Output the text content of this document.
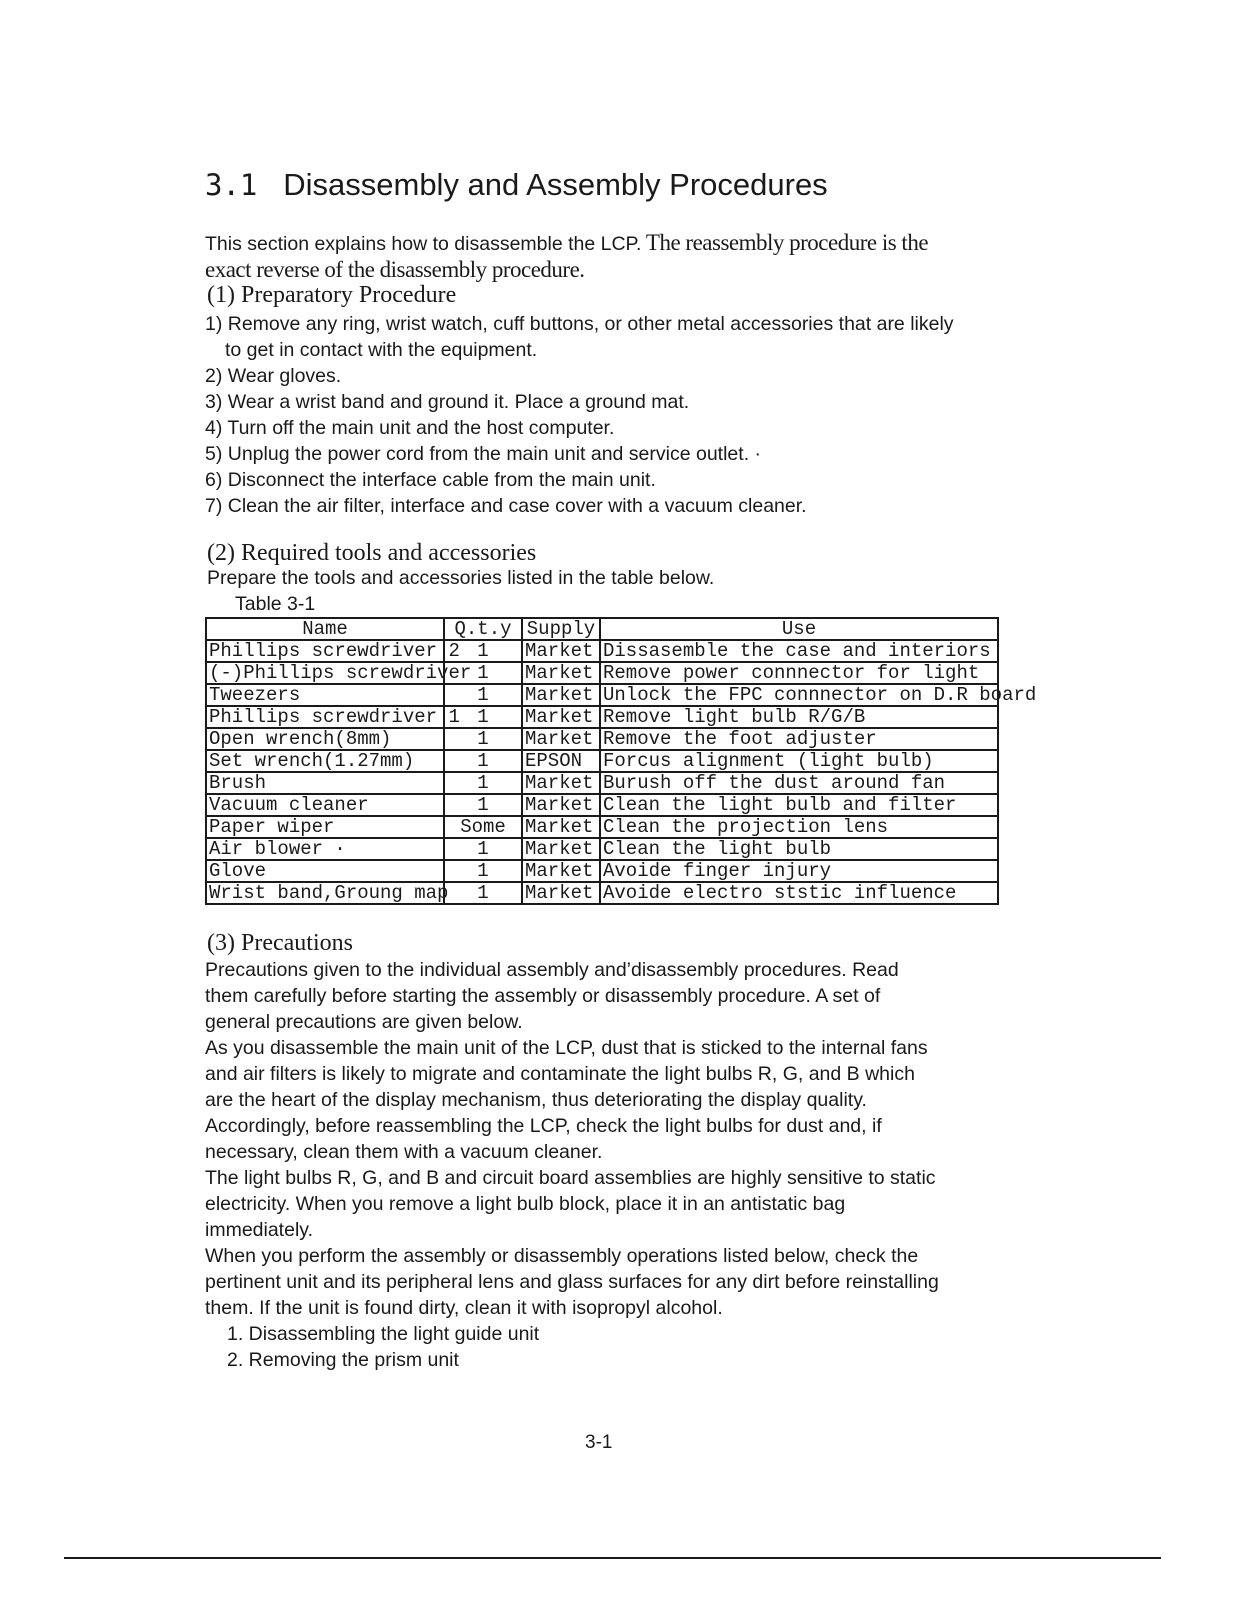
3.1 Disassembly and Assembly Procedures
This section explains how to disassemble the LCP. The reassembly procedure is the
exact reverse of the disassembly procedure.
(1) Preparatory Procedure
1) Remove any ring, wrist watch, cuff buttons, or other metal accessories that are likely
to get in contact with the equipment.
2) Wear gloves.
3) Wear a wrist band and ground it. Place a ground mat.
4) Turn off the main unit and the host computer.
5) Unplug the power cord from the main unit and service outlet. ·
6) Disconnect the interface cable from the main unit.
7) Clean the air filter, interface and case cover with a vacuum cleaner.
(2) Required tools and accessories
Prepare the tools and accessories listed in the table below.
Table 3-1
Name	Q.t.y	Supply	Use
Phillips screwdriver 2	1	Market	Dissasemble the case and interiors
(-)Phillips screwdriver	1	Market	Remove power connnector for light
Tweezers	1	Market	Unlock the FPC connnector on D.R board
Phillips screwdriver 1	1	Market	Remove light bulb R/G/B
Open wrench(8mm)	1	Market	Remove the foot adjuster
Set wrench(1.27mm)	1	EPSON	Forcus alignment (light bulb)
Brush	1	Market	Burush off the dust around fan
Vacuum cleaner	1	Market	Clean the light bulb and filter
Paper wiper	Some	Market	Clean the projection lens
Air blower ·	1	Market	Clean the light bulb
Glove	1	Market	Avoide finger injury
Wrist band,Groung map	1	Market	Avoide electro ststic influence
(3) Precautions
Precautions given to the individual assembly and’disassembly procedures. Read
them carefully before starting the assembly or disassembly procedure. A set of
general precautions are given below.
As you disassemble the main unit of the LCP, dust that is sticked to the internal fans
and air filters is likely to migrate and contaminate the light bulbs R, G, and B which
are the heart of the display mechanism, thus deteriorating the display quality.
Accordingly, before reassembling the LCP, check the light bulbs for dust and, if
necessary, clean them with a vacuum cleaner.
The light bulbs R, G, and B and circuit board assemblies are highly sensitive to static
electricity. When you remove a light bulb block, place it in an antistatic bag
immediately.
When you perform the assembly or disassembly operations listed below, check the
pertinent unit and its peripheral lens and glass surfaces for any dirt before reinstalling
them. If the unit is found dirty, clean it with isopropyl alcohol.
1. Disassembling the light guide unit
2. Removing the prism unit
3-1
